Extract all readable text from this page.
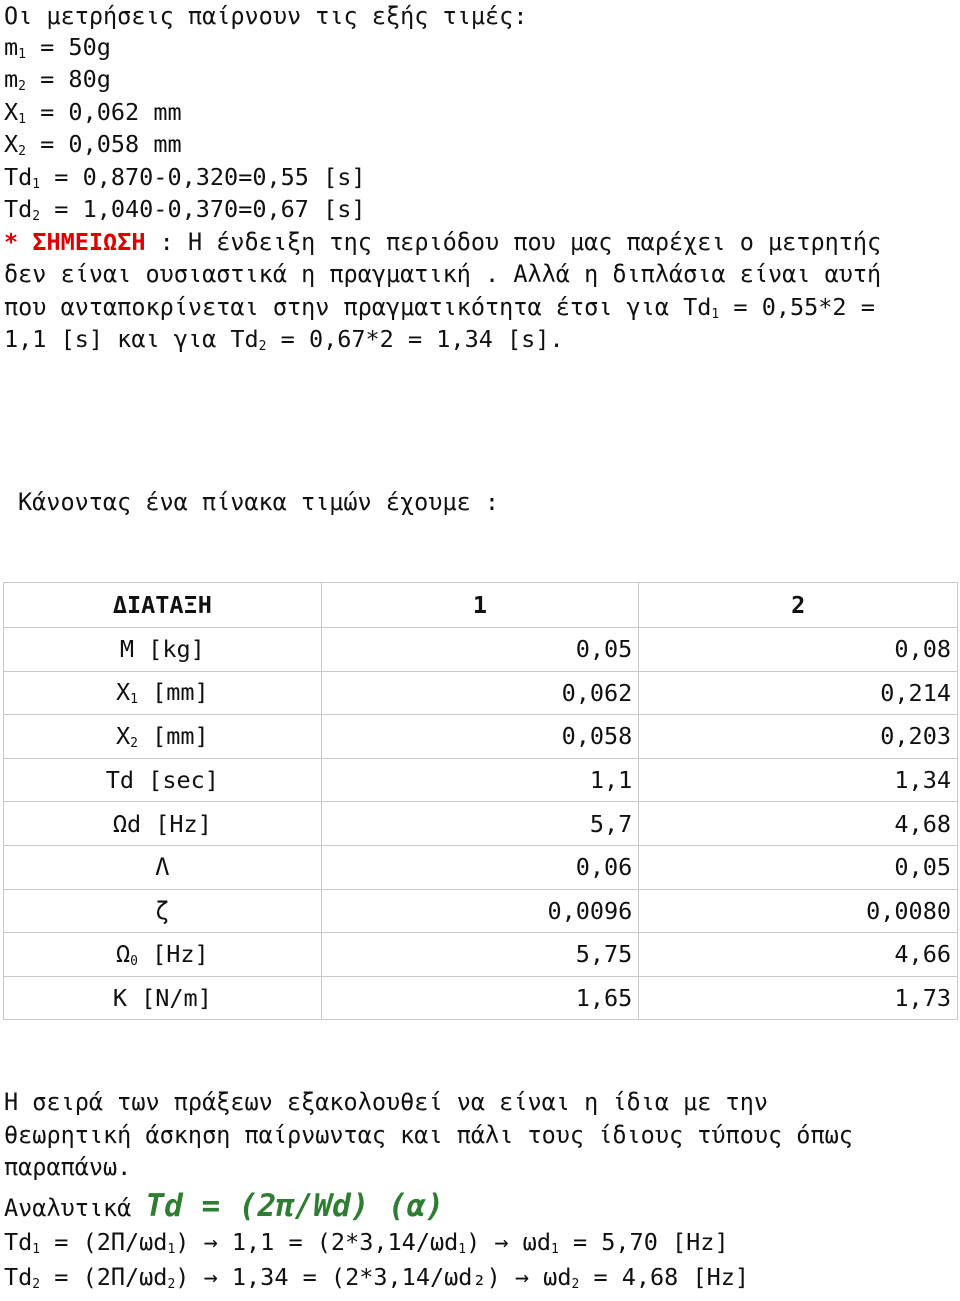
Οι μετρήσεις παίρνουν τις εξής τιμές:
$m_1 = 50g$
$m_2 = 80g$
$X_1 = 0,062$ mm
$X_2 = 0,058$ mm
$Td_1 = 0,870-0,320=0,55$ [s]
$Td_2 = 1,040-0,370=0,67$ [s]
* ΣΗΜΕΙΩΣΗ : Η ένδειξη της περιόδου που μας παρέχει ο μετρητής
δεν είναι ουσιαστικά η πραγματική . Αλλά η διπλάσια είναι αυτή
που ανταποκρίνεται στην πραγματικότητα έτσι για $Td_1 = 0,55*2$ =
1,1 [s] και για $Td_2 = 0,67*2 = 1,34$ [s].
Κάνοντας ένα πίνακα τιμών έχουμε :
ΔΙΑΤΑΞΗ	1	2
M [kg]	0,05	0,08
$X_1$ [mm]	0,062	0,214
$X_2$ [mm]	0,058	0,203
Td [sec]	1,1	1,34
Ωd [Hz]	5,7	4,68
Λ	0,06	0,05
ζ	0,0096	0,0080
$\Omega_0$ [Hz]	5,75	4,66
K [N/m]	1,65	1,73
Η σειρά των πράξεων εξακολουθεί να είναι η ίδια με την
θεωρητική άσκηση παίρνωντας και πάλι τους ίδιους τύπους όπως
παραπάνω.
Αναλυτικά Td = (2π/Wd) (α)
$Td_1 = (2\Pi/\omega d_1) \to 1,1 = (2*3,14/\omega d_1) \to \omega d_1 = 5,70$ [Hz]
$Td_2 = (2\Pi/\omega d_2) \to 1,34 = (2*3,14/\omega d_2) \to \omega d_2 = 4,68$ [Hz]
